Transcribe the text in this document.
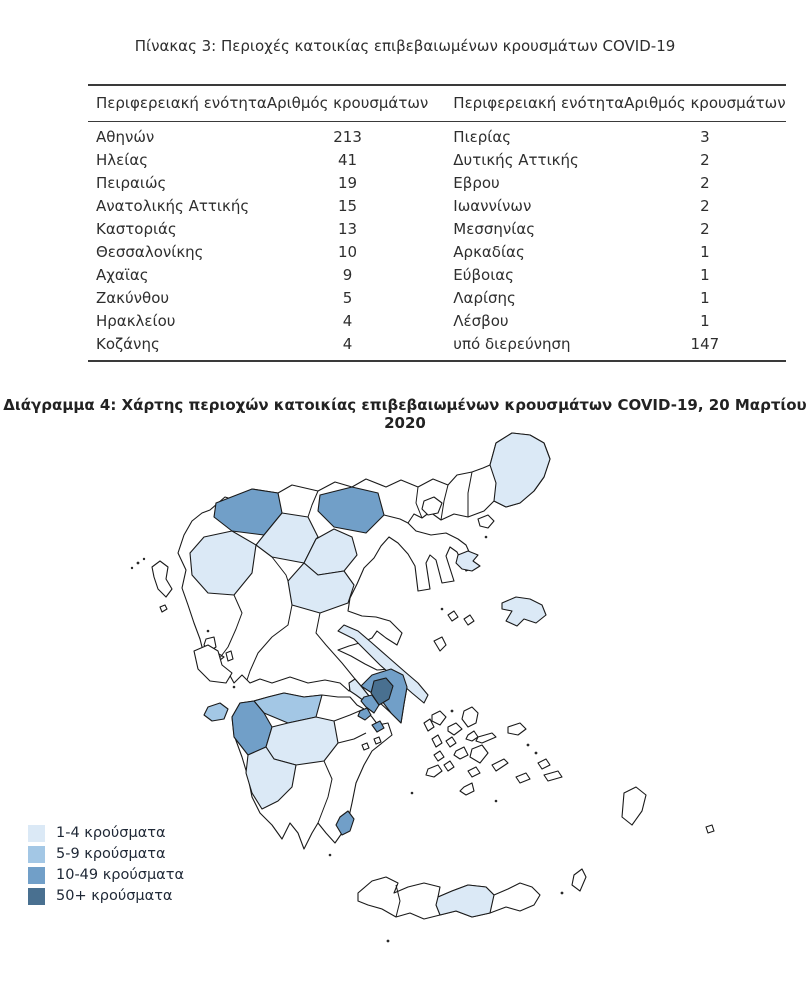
Πίνακας 3: Περιοχές κατοικίας επιβεβαιωμένων κρουσμάτων COVID-19
Περιφερειακή ενότητα	Αριθμός κρουσμάτων	Περιφερειακή ενότητα	Αριθμός κρουσμάτων
Αθηνών	213	Πιερίας	3
Ηλείας	41	Δυτικής Αττικής	2
Πειραιώς	19	Εβρου	2
Ανατολικής Αττικής	15	Ιωαννίνων	2
Καστοριάς	13	Μεσσηνίας	2
Θεσσαλονίκης	10	Αρκαδίας	1
Αχαϊας	9	Εύβοιας	1
Ζακύνθου	5	Λαρίσης	1
Ηρακλείου	4	Λέσβου	1
Κοζάνης	4	υπό διερεύνηση	147
Διάγραμμα 4: Χάρτης περιοχών κατοικίας επιβεβαιωμένων κρουσμάτων COVID-19, 20 Μαρτίου 2020
1-4 κρούσματα
5-9 κρούσματα
10-49 κρούσματα
50+ κρούσματα
